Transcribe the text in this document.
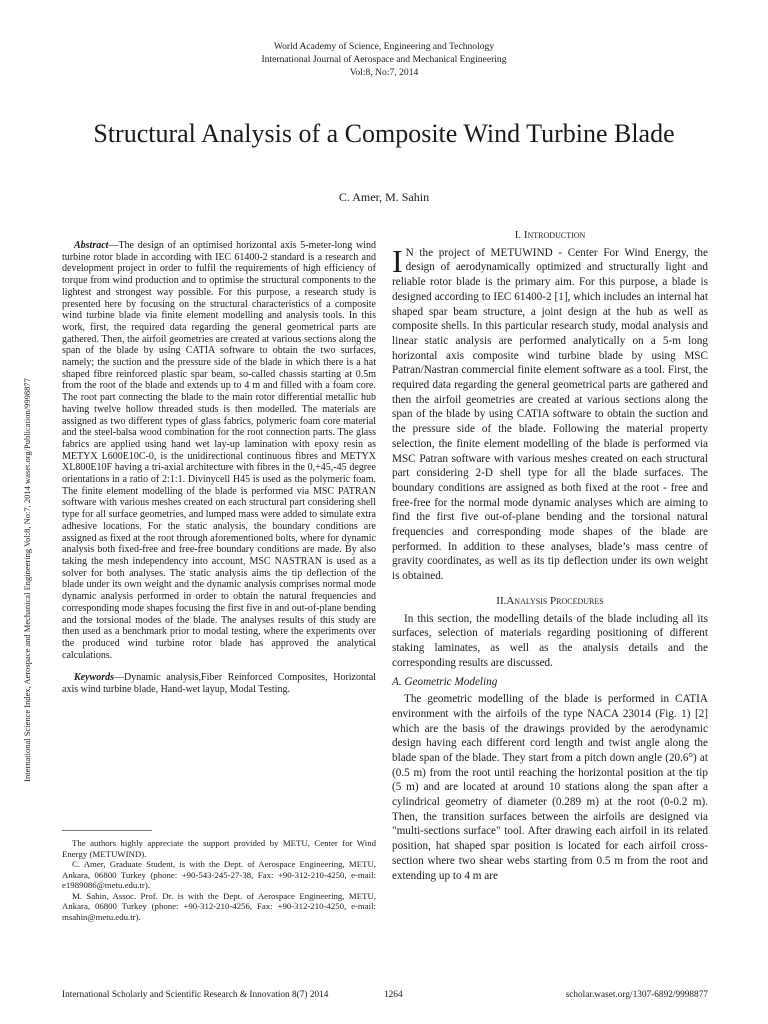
World Academy of Science, Engineering and Technology
International Journal of Aerospace and Mechanical Engineering
Vol:8, No:7, 2014
Structural Analysis of a Composite Wind Turbine Blade
C. Amer, M. Sahin
International Science Index, Aerospace and Mechanical Engineering Vol:8, No:7, 2014 waset.org/Publication/9998877

Abstract—The design of an optimised horizontal axis 5-meter-long wind turbine rotor blade in according with IEC 61400-2 standard is a research and development project in order to fulfil the requirements of high efficiency of torque from wind production and to optimise the structural components to the lightest and strongest way possible. For this purpose, a research study is presented here by focusing on the structural characteristics of a composite wind turbine blade via finite element modelling and analysis tools. In this work, first, the required data regarding the general geometrical parts are gathered. Then, the airfoil geometries are created at various sections along the span of the blade by using CATIA software to obtain the two surfaces, namely; the suction and the pressure side of the blade in which there is a hat shaped fibre reinforced plastic spar beam, so-called chassis starting at 0.5m from the root of the blade and extends up to 4 m and filled with a foam core. The root part connecting the blade to the main rotor differential metallic hub having twelve hollow threaded studs is then modelled. The materials are assigned as two different types of glass fabrics, polymeric foam core material and the steel-balsa wood combination for the root connection parts. The glass fabrics are applied using hand wet lay-up lamination with epoxy resin as METYX L600E10C-0, is the unidirectional continuous fibres and METYX XL800E10F having a tri-axial architecture with fibres in the 0,+45,-45 degree orientations in a ratio of 2:1:1. Divinycell H45 is used as the polymeric foam. The finite element modelling of the blade is performed via MSC PATRAN software with various meshes created on each structural part considering shell type for all surface geometries, and lumped mass were added to simulate extra adhesive locations. For the static analysis, the boundary conditions are assigned as fixed at the root through aforementioned bolts, where for dynamic analysis both fixed-free and free-free boundary conditions are made. By also taking the mesh independency into account, MSC NASTRAN is used as a solver for both analyses. The static analysis aims the tip deflection of the blade under its own weight and the dynamic analysis comprises normal mode dynamic analysis performed in order to obtain the natural frequencies and corresponding mode shapes focusing the first five in and out-of-plane bending and the torsional modes of the blade. The analyses results of this study are then used as a benchmark prior to modal testing, where the experiments over the produced wind turbine rotor blade has approved the analytical calculations.

Keywords—Dynamic analysis,Fiber Reinforced Composites, Horizontal axis wind turbine blade, Hand-wet layup, Modal Testing.

The authors highly appreciate the support provided by METU, Center for Wind Energy (METUWIND).

C. Amer, Graduate Student, is with the Dept. of Aerospace Engineering, METU, Ankara, 06800 Turkey (phone: +90-543-245-27-38, Fax: +90-312-210-4250, e-mail: e1989086@metu.edu.tr).

M. Sahin, Assoc. Prof. Dr. is with the Dept. of Aerospace Engineering, METU, Ankara, 06800 Turkey (phone: +90-312-210-4256, Fax: +90-312-210-4250, e-mail: msahin@metu.edu.tr).

I. Introduction

I N the project of METUWIND - Center For Wind Energy, the design of aerodynamically optimized and structurally light and reliable rotor blade is the primary aim. For this purpose, a blade is designed according to IEC 61400-2 [1], which includes an internal hat shaped spar beam structure, a joint design at the hub as well as composite shells. In this particular research study, modal analysis and linear static analysis are performed analytically on a 5-m long horizontal axis composite wind turbine blade by using MSC Patran/Nastran commercial finite element software as a tool. First, the required data regarding the general geometrical parts are gathered and then the airfoil geometries are created at various sections along the span of the blade by using CATIA software to obtain the suction and the pressure side of the blade. Following the material property selection, the finite element modelling of the blade is performed via MSC Patran software with various meshes created on each structural part considering 2-D shell type for all the blade surfaces. The boundary conditions are assigned as both fixed at the root - free and free-free for the normal mode dynamic analyses which are aiming to find the first five out-of-plane bending and the torsional natural frequencies and corresponding mode shapes of the blade are performed. In addition to these analyses, blade’s mass centre of gravity coordinates, as well as its tip deflection under its own weight is obtained.

II.Analysis Procedures

In this section, the modelling details of the blade including all its surfaces, selection of materials regarding positioning of different staking laminates, as well as the analysis details and the corresponding results are discussed.

A. Geometric Modeling

The geometric modelling of the blade is performed in CATIA environment with the airfoils of the type NACA 23014 (Fig. 1) [2] which are the basis of the drawings provided by the aerodynamic design having each different cord length and twist angle along the blade span of the blade. They start from a pitch down angle (20.6°) at (0.5 m) from the root until reaching the horizontal position at the tip (5 m) and are located at around 10 stations along the span after a cylindrical geometry of diameter (0.289 m) at the root (0-0.2 m). Then, the transition surfaces between the airfoils are designed via "multi-sections surface" tool. After drawing each airfoil in its related position, hat shaped spar position is located for each airfoil cross-section where two shear webs starting from 0.5 m from the root and extending up to 4 m are

International Scholarly and Scientific Research & Innovation 8(7) 2014	1264	scholar.waset.org/1307-6892/9998877
